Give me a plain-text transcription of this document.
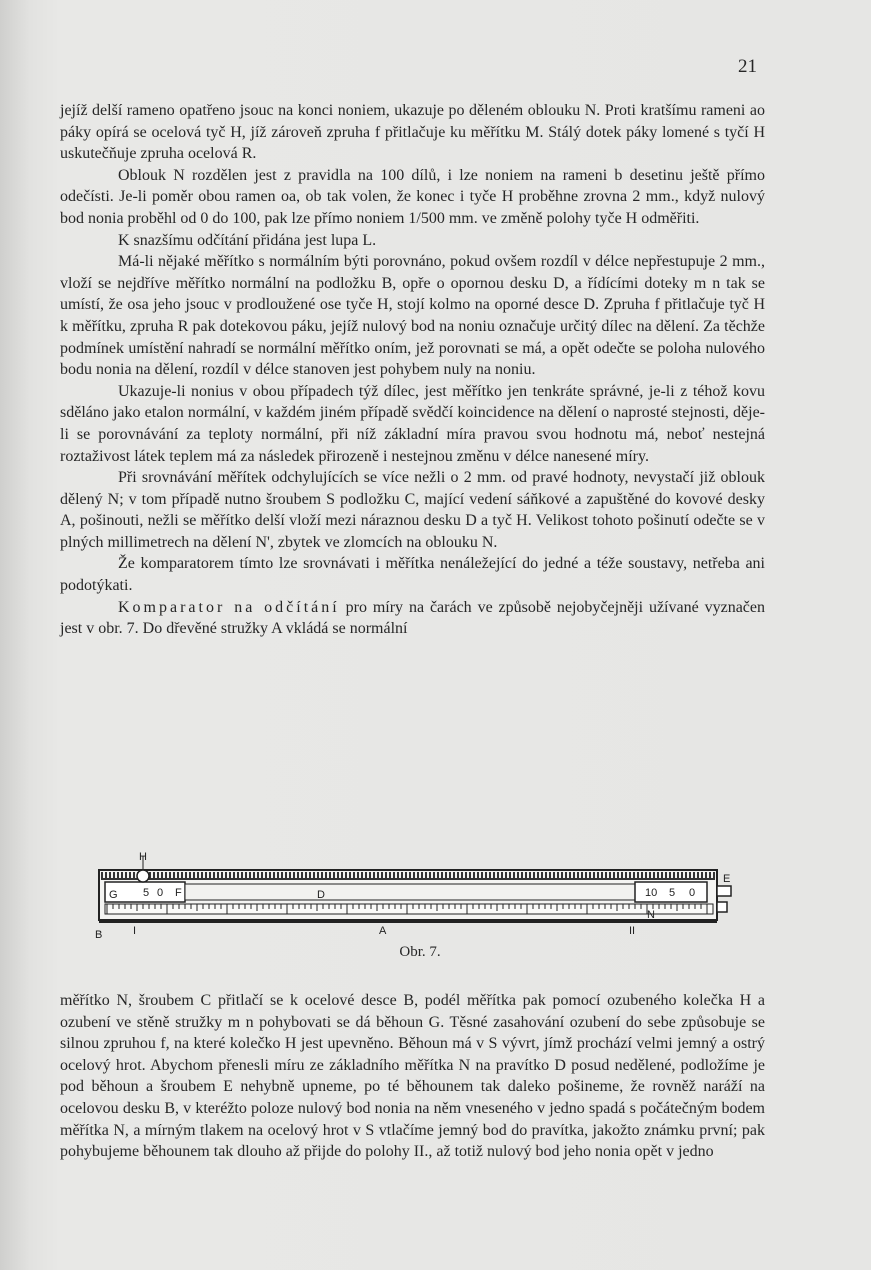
21

jejíž delší rameno opatřeno jsouc na konci noniem, ukazuje po děleném oblouku N. Proti kratšímu rameni ao páky opírá se ocelová tyč H, jíž zároveň zpruha f přitlačuje ku měřítku M. Stálý dotek páky lomené s tyčí H uskutečňuje zpruha ocelová R.

Oblouk N rozdělen jest z pravidla na 100 dílů, i lze noniem na rameni b desetinu ještě přímo odečísti. Je-li poměr obou ramen oa, ob tak volen, že konec i tyče H proběhne zrovna 2 mm., když nulový bod nonia proběhl od 0 do 100, pak lze přímo noniem 1/500 mm. ve změně polohy tyče H odměřiti.

K snazšímu odčítání přidána jest lupa L.

Má-li nějaké měřítko s normálním býti porovnáno, pokud ovšem rozdíl v délce nepřestupuje 2 mm., vloží se nejdříve měřítko normální na podložku B, opře o opornou desku D, a řídícími doteky m n tak se umístí, že osa jeho jsouc v prodloužené ose tyče H, stojí kolmo na oporné desce D. Zpruha f přitlačuje tyč H k měřítku, zpruha R pak dotekovou páku, jejíž nulový bod na noniu označuje určitý dílec na dělení. Za těchže podmínek umístění nahradí se normální měřítko oním, jež porovnati se má, a opět odečte se poloha nulového bodu nonia na dělení, rozdíl v délce stanoven jest pohybem nuly na noniu.

Ukazuje-li nonius v obou případech týž dílec, jest měřítko jen tenkráte správné, je-li z téhož kovu sděláno jako etalon normální, v každém jiném případě svědčí koincidence na dělení o naprosté stejnosti, děje-li se porovnávání za teploty normální, při níž základní míra pravou svou hodnotu má, neboť nestejná roztaživost látek teplem má za následek přirozeně i nestejnou změnu v délce nanesené míry.

Při srovnávání měřítek odchylujících se více nežli o 2 mm. od pravé hodnoty, nevystačí již oblouk dělený N; v tom případě nutno šroubem S podložku C, mající vedení sáňkové a zapuštěné do kovové desky A, pošinouti, nežli se měřítko delší vloží mezi náraznou desku D a tyč H. Velikost tohoto pošinutí odečte se v plných millimetrech na dělení N', zbytek ve zlomcích na oblouku N.

Že komparatorem tímto lze srovnávati i měřítka nenáležející do jedné a téže soustavy, netřeba ani podotýkati.

Komparator na odčítání pro míry na čarách ve způsobě nejobyčejněji užívané vyznačen jest v obr. 7. Do dřevěné stružky A vkládá se normální

H
B	I	A	II
D
F
G
N
E
5 0	10 5 0
Obr. 7.

měřítko N, šroubem C přitlačí se k ocelové desce B, podél měřítka pak pomocí ozubeného kolečka H a ozubení ve stěně stružky m n pohybovati se dá běhoun G. Těsné zasahování ozubení do sebe způsobuje se silnou zpruhou f, na které kolečko H jest upevněno. Běhoun má v S vývrt, jímž prochází velmi jemný a ostrý ocelový hrot. Abychom přenesli míru ze základního měřítka N na pravítko D posud nedělené, podložíme je pod běhoun a šroubem E nehybně upneme, po té běhounem tak daleko pošineme, že rovněž naráží na ocelovou desku B, v kteréžto poloze nulový bod nonia na něm vneseného v jedno spadá s počátečným bodem měřítka N, a mírným tlakem na ocelový hrot v S vtlačíme jemný bod do pravítka, jakožto známku první; pak pohybujeme běhounem tak dlouho až přijde do polohy II., až totiž nulový bod jeho nonia opět v jedno
